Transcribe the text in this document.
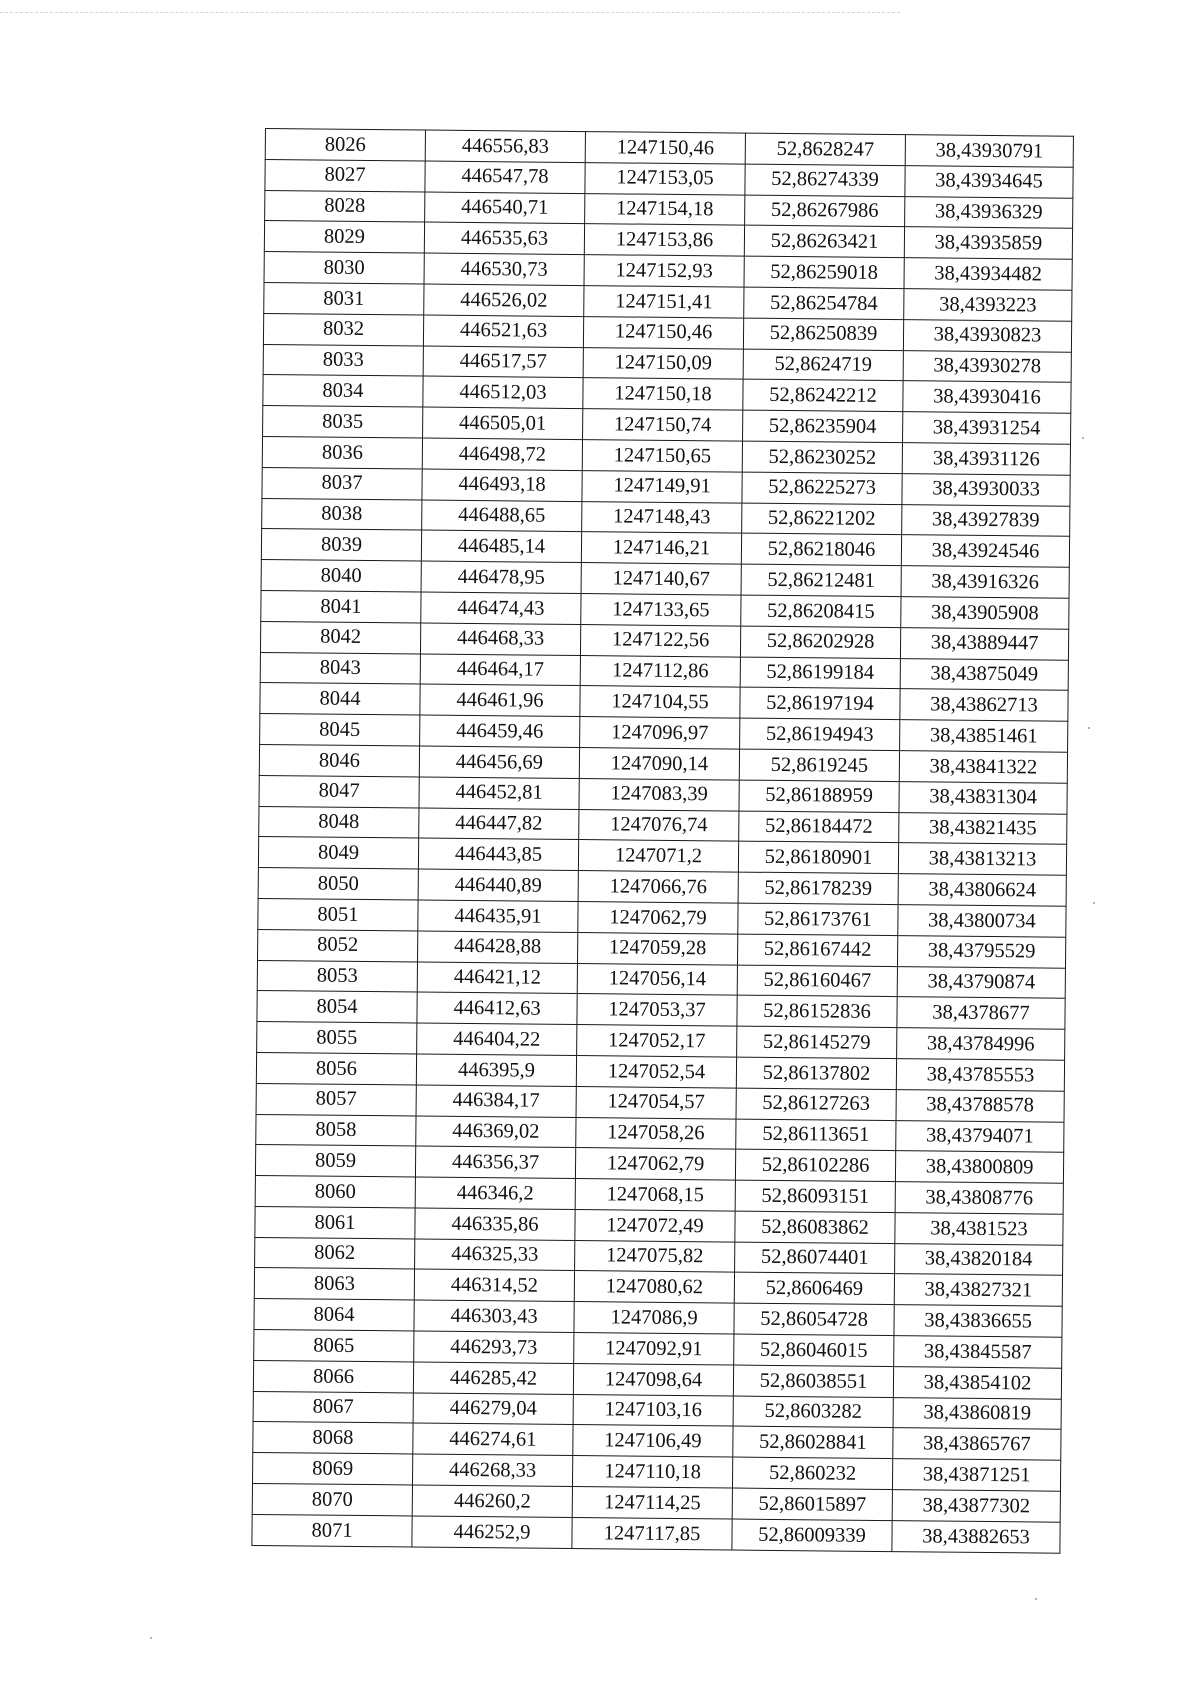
8026	446556,83	1247150,46	52,8628247	38,43930791
8027	446547,78	1247153,05	52,86274339	38,43934645
8028	446540,71	1247154,18	52,86267986	38,43936329
8029	446535,63	1247153,86	52,86263421	38,43935859
8030	446530,73	1247152,93	52,86259018	38,43934482
8031	446526,02	1247151,41	52,86254784	38,4393223
8032	446521,63	1247150,46	52,86250839	38,43930823
8033	446517,57	1247150,09	52,8624719	38,43930278
8034	446512,03	1247150,18	52,86242212	38,43930416
8035	446505,01	1247150,74	52,86235904	38,43931254
8036	446498,72	1247150,65	52,86230252	38,43931126
8037	446493,18	1247149,91	52,86225273	38,43930033
8038	446488,65	1247148,43	52,86221202	38,43927839
8039	446485,14	1247146,21	52,86218046	38,43924546
8040	446478,95	1247140,67	52,86212481	38,43916326
8041	446474,43	1247133,65	52,86208415	38,43905908
8042	446468,33	1247122,56	52,86202928	38,43889447
8043	446464,17	1247112,86	52,86199184	38,43875049
8044	446461,96	1247104,55	52,86197194	38,43862713
8045	446459,46	1247096,97	52,86194943	38,43851461
8046	446456,69	1247090,14	52,8619245	38,43841322
8047	446452,81	1247083,39	52,86188959	38,43831304
8048	446447,82	1247076,74	52,86184472	38,43821435
8049	446443,85	1247071,2	52,86180901	38,43813213
8050	446440,89	1247066,76	52,86178239	38,43806624
8051	446435,91	1247062,79	52,86173761	38,43800734
8052	446428,88	1247059,28	52,86167442	38,43795529
8053	446421,12	1247056,14	52,86160467	38,43790874
8054	446412,63	1247053,37	52,86152836	38,4378677
8055	446404,22	1247052,17	52,86145279	38,43784996
8056	446395,9	1247052,54	52,86137802	38,43785553
8057	446384,17	1247054,57	52,86127263	38,43788578
8058	446369,02	1247058,26	52,86113651	38,43794071
8059	446356,37	1247062,79	52,86102286	38,43800809
8060	446346,2	1247068,15	52,86093151	38,43808776
8061	446335,86	1247072,49	52,86083862	38,4381523
8062	446325,33	1247075,82	52,86074401	38,43820184
8063	446314,52	1247080,62	52,8606469	38,43827321
8064	446303,43	1247086,9	52,86054728	38,43836655
8065	446293,73	1247092,91	52,86046015	38,43845587
8066	446285,42	1247098,64	52,86038551	38,43854102
8067	446279,04	1247103,16	52,8603282	38,43860819
8068	446274,61	1247106,49	52,86028841	38,43865767
8069	446268,33	1247110,18	52,860232	38,43871251
8070	446260,2	1247114,25	52,86015897	38,43877302
8071	446252,9	1247117,85	52,86009339	38,43882653
